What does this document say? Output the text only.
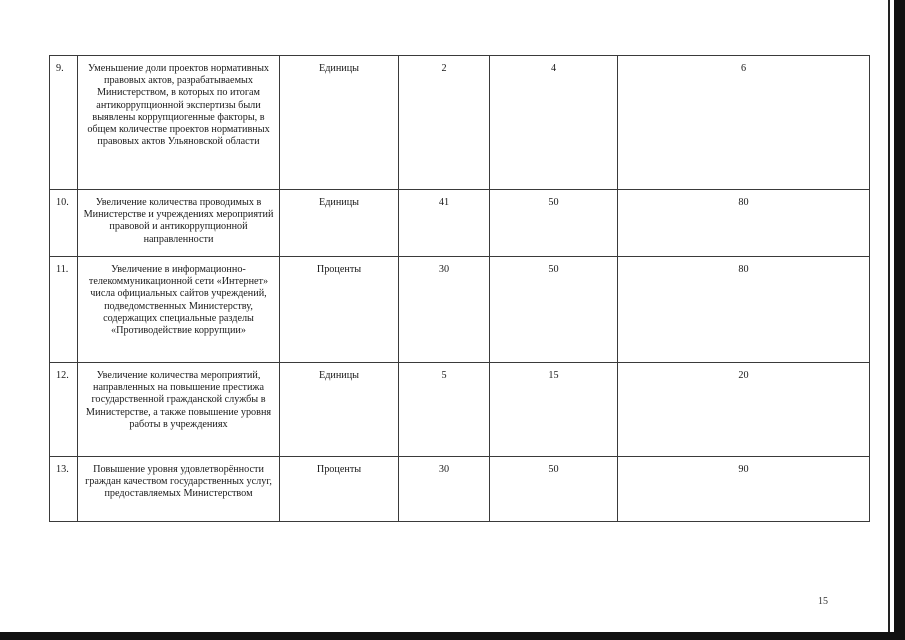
9.	Уменьшение доли проектов нормативных правовых актов, разрабатываемых Министерством, в которых по итогам антикоррупционной экспертизы были выявлены коррупциогенные факторы, в общем количестве проектов нормативных правовых актов Ульяновской области	Единицы	2	4	6
10.	Увеличение количества проводимых в Министерстве и учреждениях мероприятий правовой и антикоррупционной направленности	Единицы	41	50	80
11.	Увеличение в информационно-телекоммуникационной сети «Интернет» числа официальных сайтов учреждений, подведомственных Министерству, содержащих специальные разделы «Противодействие коррупции»	Проценты	30	50	80
12.	Увеличение количества мероприятий, направленных на повышение престижа государственной гражданской службы в Министерстве, а также повышение уровня работы в учреждениях	Единицы	5	15	20
13.	Повышение уровня удовлетворённости граждан качеством государственных услуг, предоставляемых Министерством	Проценты	30	50	90
15
